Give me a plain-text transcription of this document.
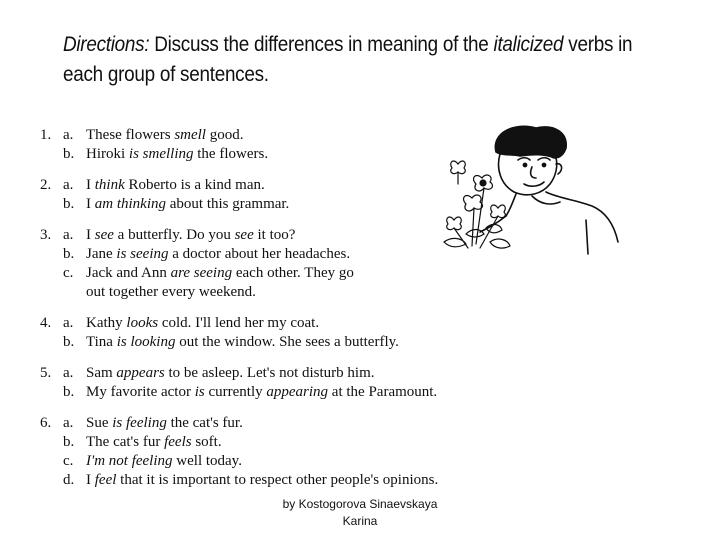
Directions: Discuss the differences in meaning of the italicized verbs in each group of sentences.
1. a. These flowers smell good.
b. Hiroki is smelling the flowers.
2. a. I think Roberto is a kind man.
b. I am thinking about this grammar.
3. a. I see a butterfly. Do you see it too?
b. Jane is seeing a doctor about her headaches.
c. Jack and Ann are seeing each other. They go
out together every weekend.
4. a. Kathy looks cold. I'll lend her my coat.
b. Tina is looking out the window. She sees a butterfly.
5. a. Sam appears to be asleep. Let's not disturb him.
b. My favorite actor is currently appearing at the Paramount.
6. a. Sue is feeling the cat's fur.
b. The cat's fur feels soft.
c. I'm not feeling well today.
d. I feel that it is important to respect other people's opinions.
by Kostogorova Sinaevskaya
Karina
